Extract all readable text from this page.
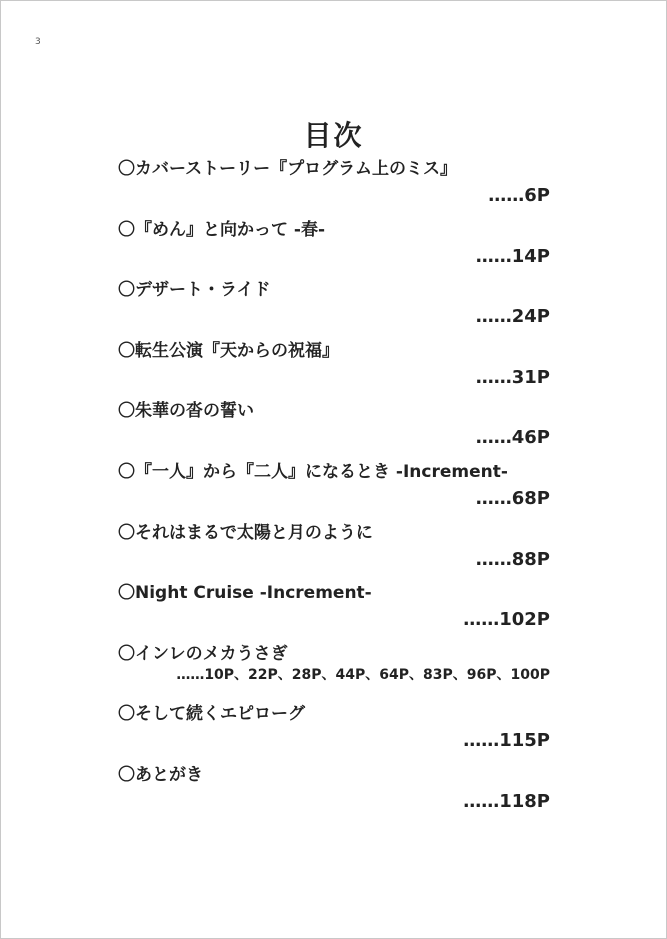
3
目次
〇カバーストーリー『プログラム上のミス』
……6P
〇『めん』と向かって -春-
……14P
〇デザート・ライド
……24P
〇転生公演『天からの祝福』
……31P
〇朱華の沓の誓い
……46P
〇『一人』から『二人』になるとき -Increment-
……68P
〇それはまるで太陽と月のように
……88P
〇Night Cruise -Increment-
……102P
〇インレのメカうさぎ
……10P、22P、28P、44P、64P、83P、96P、100P
〇そして続くエピローグ
……115P
〇あとがき
……118P
